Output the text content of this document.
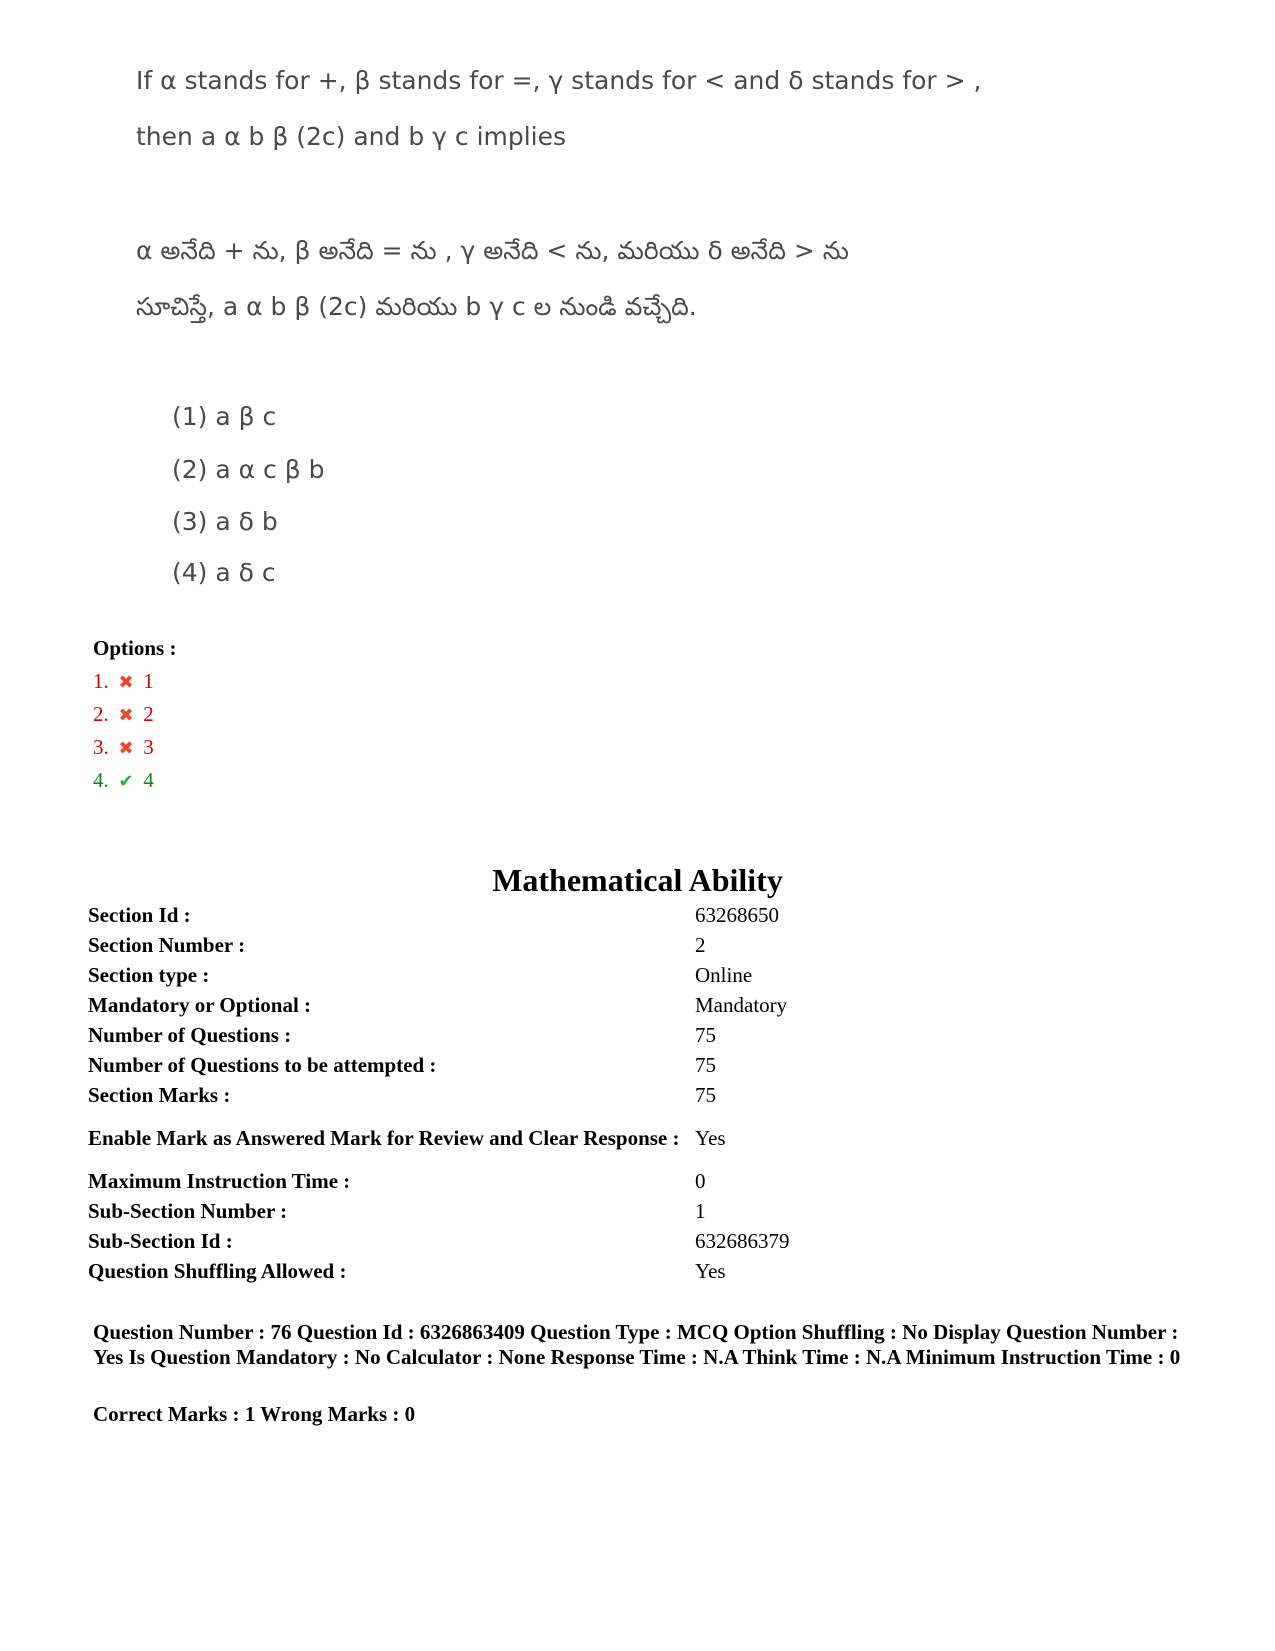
If α stands for +, β stands for =, γ stands for < and δ stands for > ,
then a α b β (2c) and b γ c implies
α అనేది + ను, β అనేది = ను , γ అనేది < ను, మరియు δ అనేది > ను
సూచిస్తే, a α b β (2c) మరియు b γ c ల నుండి వచ్చేది.
(1) a β c
(2) a α c β b
(3) a δ b
(4) a δ c

Options :

1. ✖ 1
2. ✖ 2
3. ✖ 3
4. ✔ 4
Mathematical Ability
Section Id :	63268650
Section Number :	2
Section type :	Online
Mandatory or Optional :	Mandatory
Number of Questions :	75
Number of Questions to be attempted :	75
Section Marks :	75

Enable Mark as Answered Mark for Review and Clear Response :	Yes
Maximum Instruction Time :	0
Sub-Section Number :	1
Sub-Section Id :	632686379
Question Shuffling Allowed :	Yes

Question Number : 76 Question Id : 6326863409 Question Type : MCQ Option Shuffling : No Display Question Number : Yes Is Question Mandatory : No Calculator : None Response Time : N.A Think Time : N.A Minimum Instruction Time : 0

Correct Marks : 1 Wrong Marks : 0
